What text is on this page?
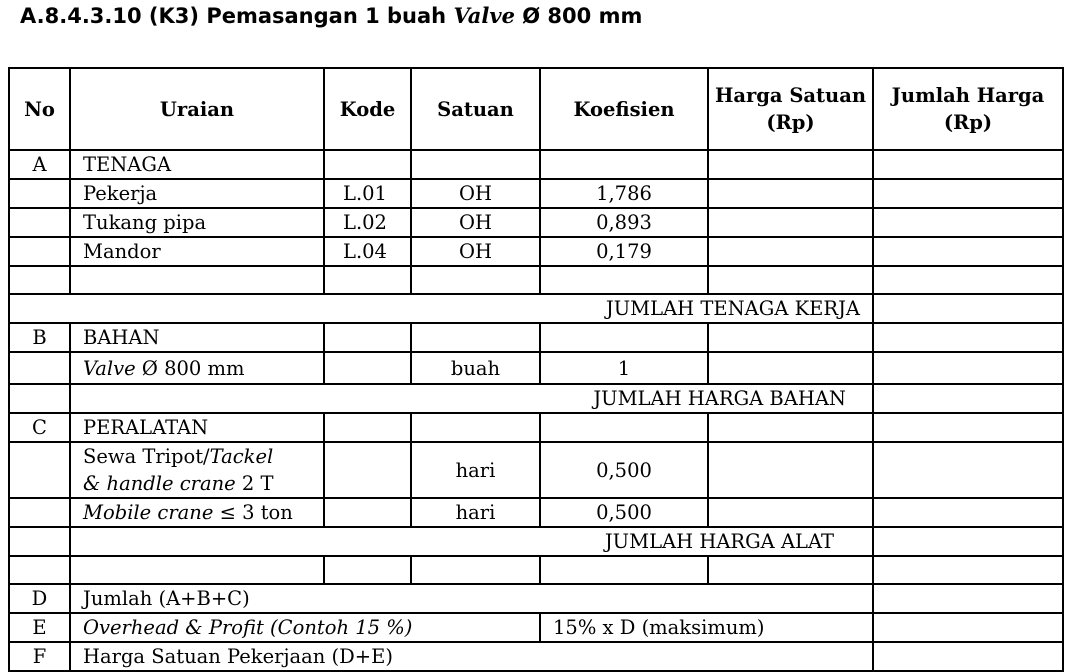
A.8.4.3.10 (K3) Pemasangan 1 buah Valve Ø 800 mm
No	Uraian	Kode	Satuan	Koefisien	Harga Satuan (Rp)	Jumlah Harga (Rp)
A	TENAGA					
	Pekerja	L.01	OH	1,786		
	Tukang pipa	L.02	OH	0,893		
	Mandor	L.04	OH	0,179		

JUMLAH TENAGA KERJA						
B	BAHAN					
	Valve Ø 800 mm		buah	1		
	JUMLAH HARGA BAHAN					
C	PERALATAN					
	Sewa Tripot/Tackel
& handle crane 2 T		hari	0,500		
	Mobile crane ≤ 3 ton		hari	0,500		
	JUMLAH HARGA ALAT					

D	Jumlah (A+B+C)					
E	Overhead & Profit (Contoh 15 %)			15% x D (maksimum)		
F	Harga Satuan Pekerjaan (D+E)					
